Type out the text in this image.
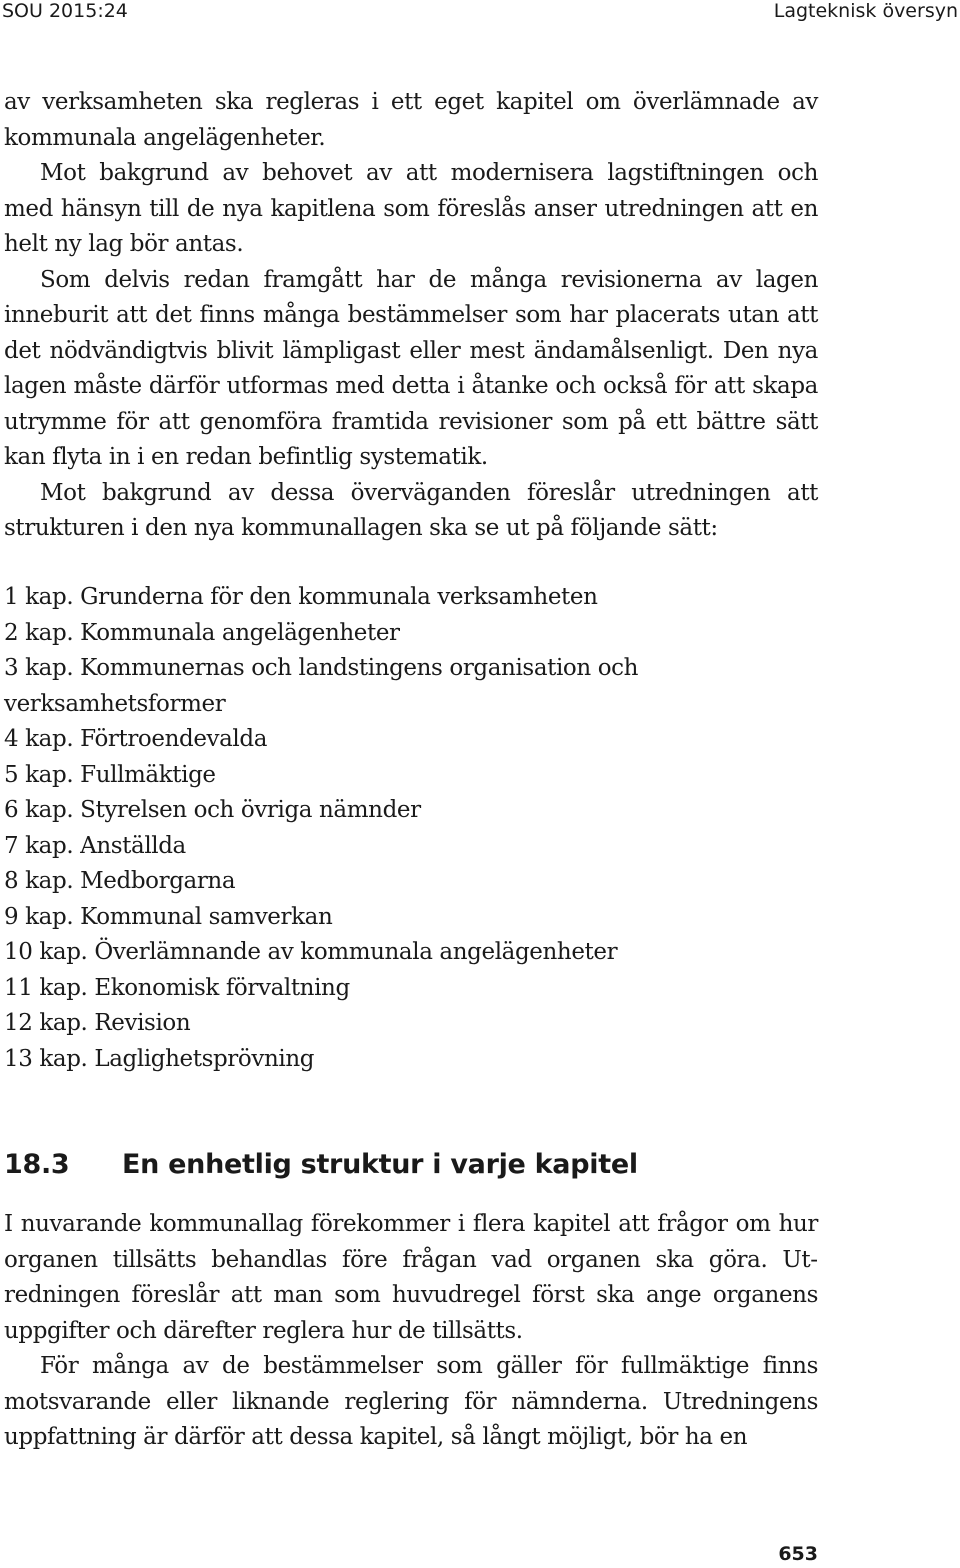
SOU 2015:24	Lagteknisk översyn

av verksamheten ska regleras i ett eget kapitel om överlämnade av kommunala angelägenheter.

Mot bakgrund av behovet av att modernisera lagstiftningen och med hänsyn till de nya kapitlena som föreslås anser utredningen att en helt ny lag bör antas.

Som delvis redan framgått har de många revisionerna av lagen inneburit att det finns många bestämmelser som har placerats utan att det nödvändigtvis blivit lämpligast eller mest ändamålsenligt. Den nya lagen måste därför utformas med detta i åtanke och också för att skapa utrymme för att genomföra framtida revisioner som på ett bättre sätt kan flyta in i en redan befintlig systematik.

Mot bakgrund av dessa överväganden föreslår utredningen att strukturen i den nya kommunallagen ska se ut på följande sätt:

1 kap. Grunderna för den kommunala verksamheten
2 kap. Kommunala angelägenheter
3 kap. Kommunernas och landstingens organisation och verksamhetsformer
4 kap. Förtroendevalda
5 kap. Fullmäktige
6 kap. Styrelsen och övriga nämnder
7 kap. Anställda
8 kap. Medborgarna
9 kap. Kommunal samverkan
10 kap. Överlämnande av kommunala angelägenheter
11 kap. Ekonomisk förvaltning
12 kap. Revision
13 kap. Laglighetsprövning
18.3 En enhetlig struktur i varje kapitel

I nuvarande kommunallag förekommer i flera kapitel att frågor om hur organen tillsätts behandlas före frågan vad organen ska göra. Utredningen föreslår att man som huvudregel först ska ange organens uppgifter och därefter reglera hur de tillsätts.

För många av de bestämmelser som gäller för fullmäktige finns motsvarande eller liknande reglering för nämnderna. Utredningens uppfattning är därför att dessa kapitel, så långt möjligt, bör ha en

653
